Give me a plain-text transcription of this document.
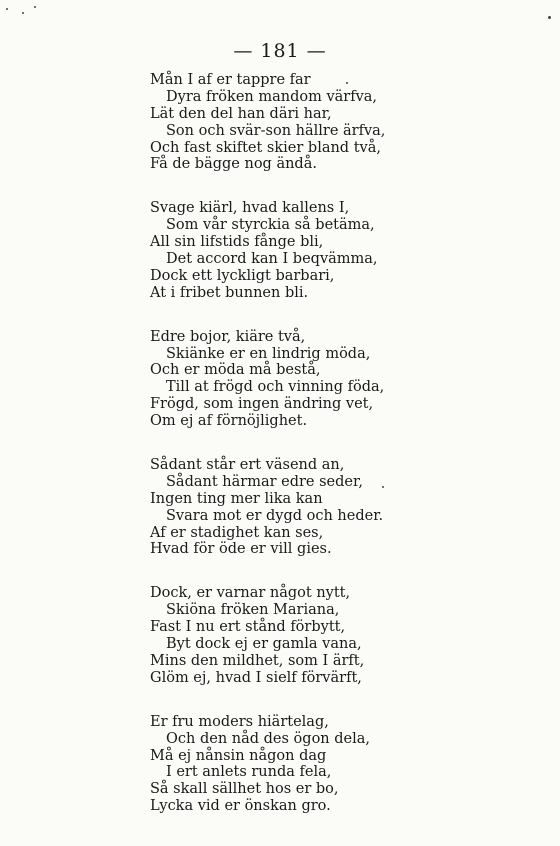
— 181 —
Mån I af er tappre far
Dyra fröken mandom värfva,
Lät den del han däri har,
Son och svär-son hällre ärfva,
Och fast skiftet skier bland två,
Få de bägge nog ändå.
Svage kiärl, hvad kallens I,
Som vår styrckia så betäma,
All sin lifstids fånge bli,
Det accord kan I beqvämma,
Dock ett lyckligt barbari,
At i fribet bunnen bli.
Edre bojor, kiäre två,
Skiänke er en lindrig möda,
Och er möda må bestå,
Till at frögd och vinning föda,
Frögd, som ingen ändring vet,
Om ej af förnöjlighet.
Sådant står ert väsend an,
Sådant härmar edre seder,
Ingen ting mer lika kan
Svara mot er dygd och heder.
Af er stadighet kan ses,
Hvad för öde er vill gies.
Dock, er varnar något nytt,
Skiöna fröken Mariana,
Fast I nu ert stånd förbytt,
Byt dock ej er gamla vana,
Mins den mildhet, som I ärft,
Glöm ej, hvad I sielf förvärft,
Er fru moders hiärtelag,
Och den nåd des ögon dela,
Må ej nånsin någon dag
I ert anlets runda fela,
Så skall sällhet hos er bo,
Lycka vid er önskan gro.
